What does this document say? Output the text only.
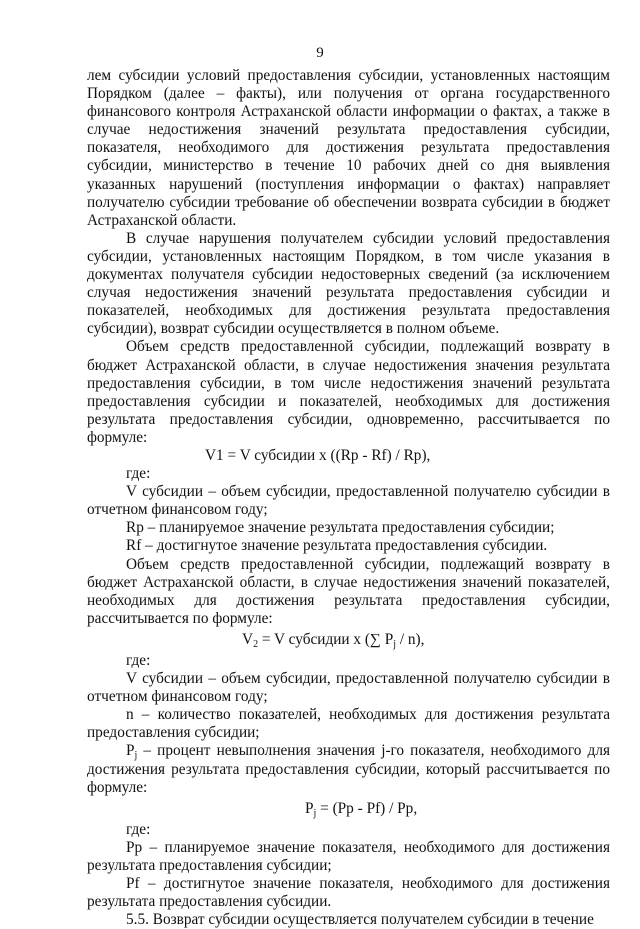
9

лем субсидии условий предоставления субсидии, установленных настоящим Порядком (далее – факты), или получения от органа государственного финансового контроля Астраханской области информации о фактах, а также в случае недостижения значений результата предоставления субсидии, показателя, необходимого для достижения результата предоставления субсидии, министерство в течение 10 рабочих дней со дня выявления указанных нарушений (поступления информации о фактах) направляет получателю субсидии требование об обеспечении возврата субсидии в бюджет Астраханской области.

В случае нарушения получателем субсидии условий предоставления субсидии, установленных настоящим Порядком, в том числе указания в документах получателя субсидии недостоверных сведений (за исключением случая недостижения значений результата предоставления субсидии и показателей, необходимых для достижения результата предоставления субсидии), возврат субсидии осуществляется в полном объеме.

Объем средств предоставленной субсидии, подлежащий возврату в бюджет Астраханской области, в случае недостижения значения результата предоставления субсидии, в том числе недостижения значений результата предоставления субсидии и показателей, необходимых для достижения результата предоставления субсидии, одновременно, рассчитывается по формуле:

V1 = V субсидии x ((Rp - Rf) / Rp),

где:

V субсидии – объем субсидии, предоставленной получателю субсидии в отчетном финансовом году;

Rp – планируемое значение результата предоставления субсидии;

Rf – достигнутое значение результата предоставления субсидии.

Объем средств предоставленной субсидии, подлежащий возврату в бюджет Астраханской области, в случае недостижения значений показателей, необходимых для достижения результата предоставления субсидии, рассчитывается по формуле:

$V_2 = V$ субсидии x (∑ $P_j / n$),

где:

V субсидии – объем субсидии, предоставленной получателю субсидии в отчетном финансовом году;

n – количество показателей, необходимых для достижения результата предоставления субсидии;

$P_j$ – процент невыполнения значения j-го показателя, необходимого для достижения результата предоставления субсидии, который рассчитывается по формуле:

$P_j = (Pp - Pf) / Pp$,

где:

Pp – планируемое значение показателя, необходимого для достижения результата предоставления субсидии;

Pf – достигнутое значение показателя, необходимого для достижения результата предоставления субсидии.

5.5. Возврат субсидии осуществляется получателем субсидии в течение
